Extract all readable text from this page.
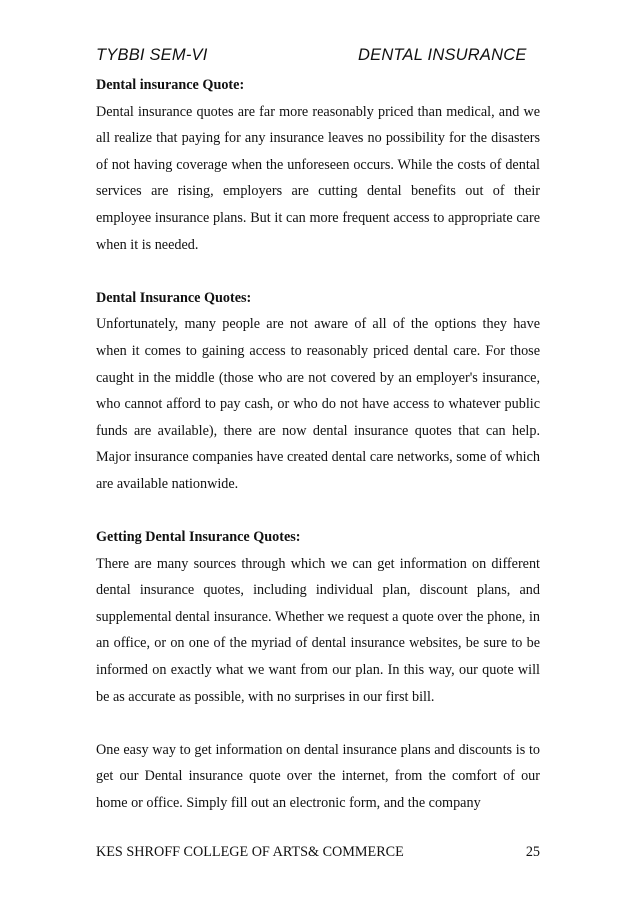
TYBBI SEM-VI	DENTAL INSURANCE

Dental insurance Quote:

Dental insurance quotes are far more reasonably priced than medical, and we all realize that paying for any insurance leaves no possibility for the disasters of not having coverage when the unforeseen occurs. While the costs of dental services are rising, employers are cutting dental benefits out of their employee insurance plans. But it can more frequent access to appropriate care when it is needed.

Dental Insurance Quotes:

Unfortunately, many people are not aware of all of the options they have when it comes to gaining access to reasonably priced dental care. For those caught in the middle (those who are not covered by an employer's insurance, who cannot afford to pay cash, or who do not have access to whatever public funds are available), there are now dental insurance quotes that can help. Major insurance companies have created dental care networks, some of which are available nationwide.

Getting Dental Insurance Quotes:

There are many sources through which we can get information on different dental insurance quotes, including individual plan, discount plans, and supplemental dental insurance. Whether we request a quote over the phone, in an office, or on one of the myriad of dental insurance websites, be sure to be informed on exactly what we want from our plan. In this way, our quote will be as accurate as possible, with no surprises in our first bill.

One easy way to get information on dental insurance plans and discounts is to get our Dental insurance quote over the internet, from the comfort of our home or office. Simply fill out an electronic form, and the company

KES SHROFF COLLEGE OF ARTS& COMMERCE	25
